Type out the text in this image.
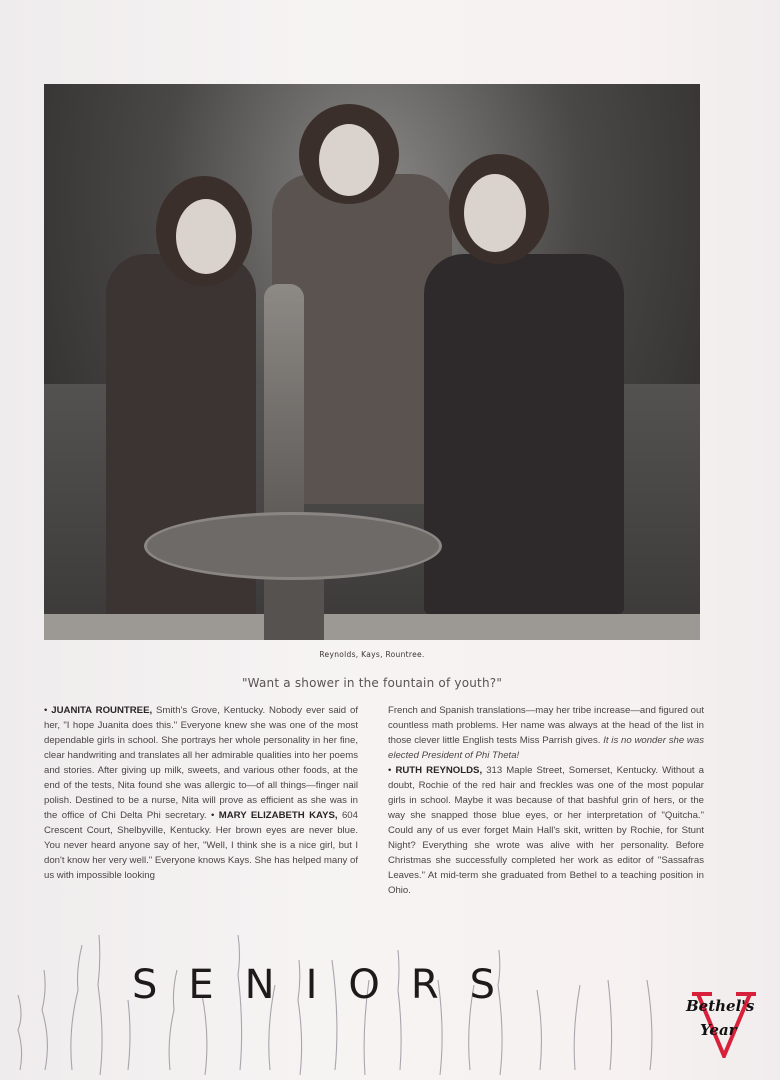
Reynolds, Kays, Rountree.
"Want a shower in the fountain of youth?"
• JUANITA ROUNTREE, Smith's Grove, Kentucky. Nobody ever said of her, "I hope Juanita does this." Everyone knew she was one of the most dependable girls in school. She portrays her whole personality in her fine, clear handwriting and translates all her admirable qualities into her poems and stories. After giving up milk, sweets, and various other foods, at the end of the tests, Nita found she was allergic to—of all things—finger nail polish. Destined to be a nurse, Nita will prove as efficient as she was in the office of Chi Delta Phi secretary. • MARY ELIZABETH KAYS, 604 Crescent Court, Shelbyville, Kentucky. Her brown eyes are never blue. You never heard anyone say of her, "Well, I think she is a nice girl, but I don't know her very well." Everyone knows Kays. She has helped many of us with impossible looking
French and Spanish translations—may her tribe increase—and figured out countless math problems. Her name was always at the head of the list in those clever little English tests Miss Parrish gives. It is no wonder she was elected President of Phi Theta!
• RUTH REYNOLDS, 313 Maple Street, Somerset, Kentucky. Without a doubt, Rochie of the red hair and freckles was one of the most popular girls in school. Maybe it was because of that bashful grin of hers, or the way she snapped those blue eyes, or her interpretation of "Quitcha." Could any of us ever forget Main Hall's skit, written by Rochie, for Stunt Night? Everything she wrote was alive with her personality. Before Christmas she successfully completed her work as editor of "Sassafras Leaves." At mid-term she graduated from Bethel to a teaching position in Ohio.
SENIORS	Bethel's
Year
